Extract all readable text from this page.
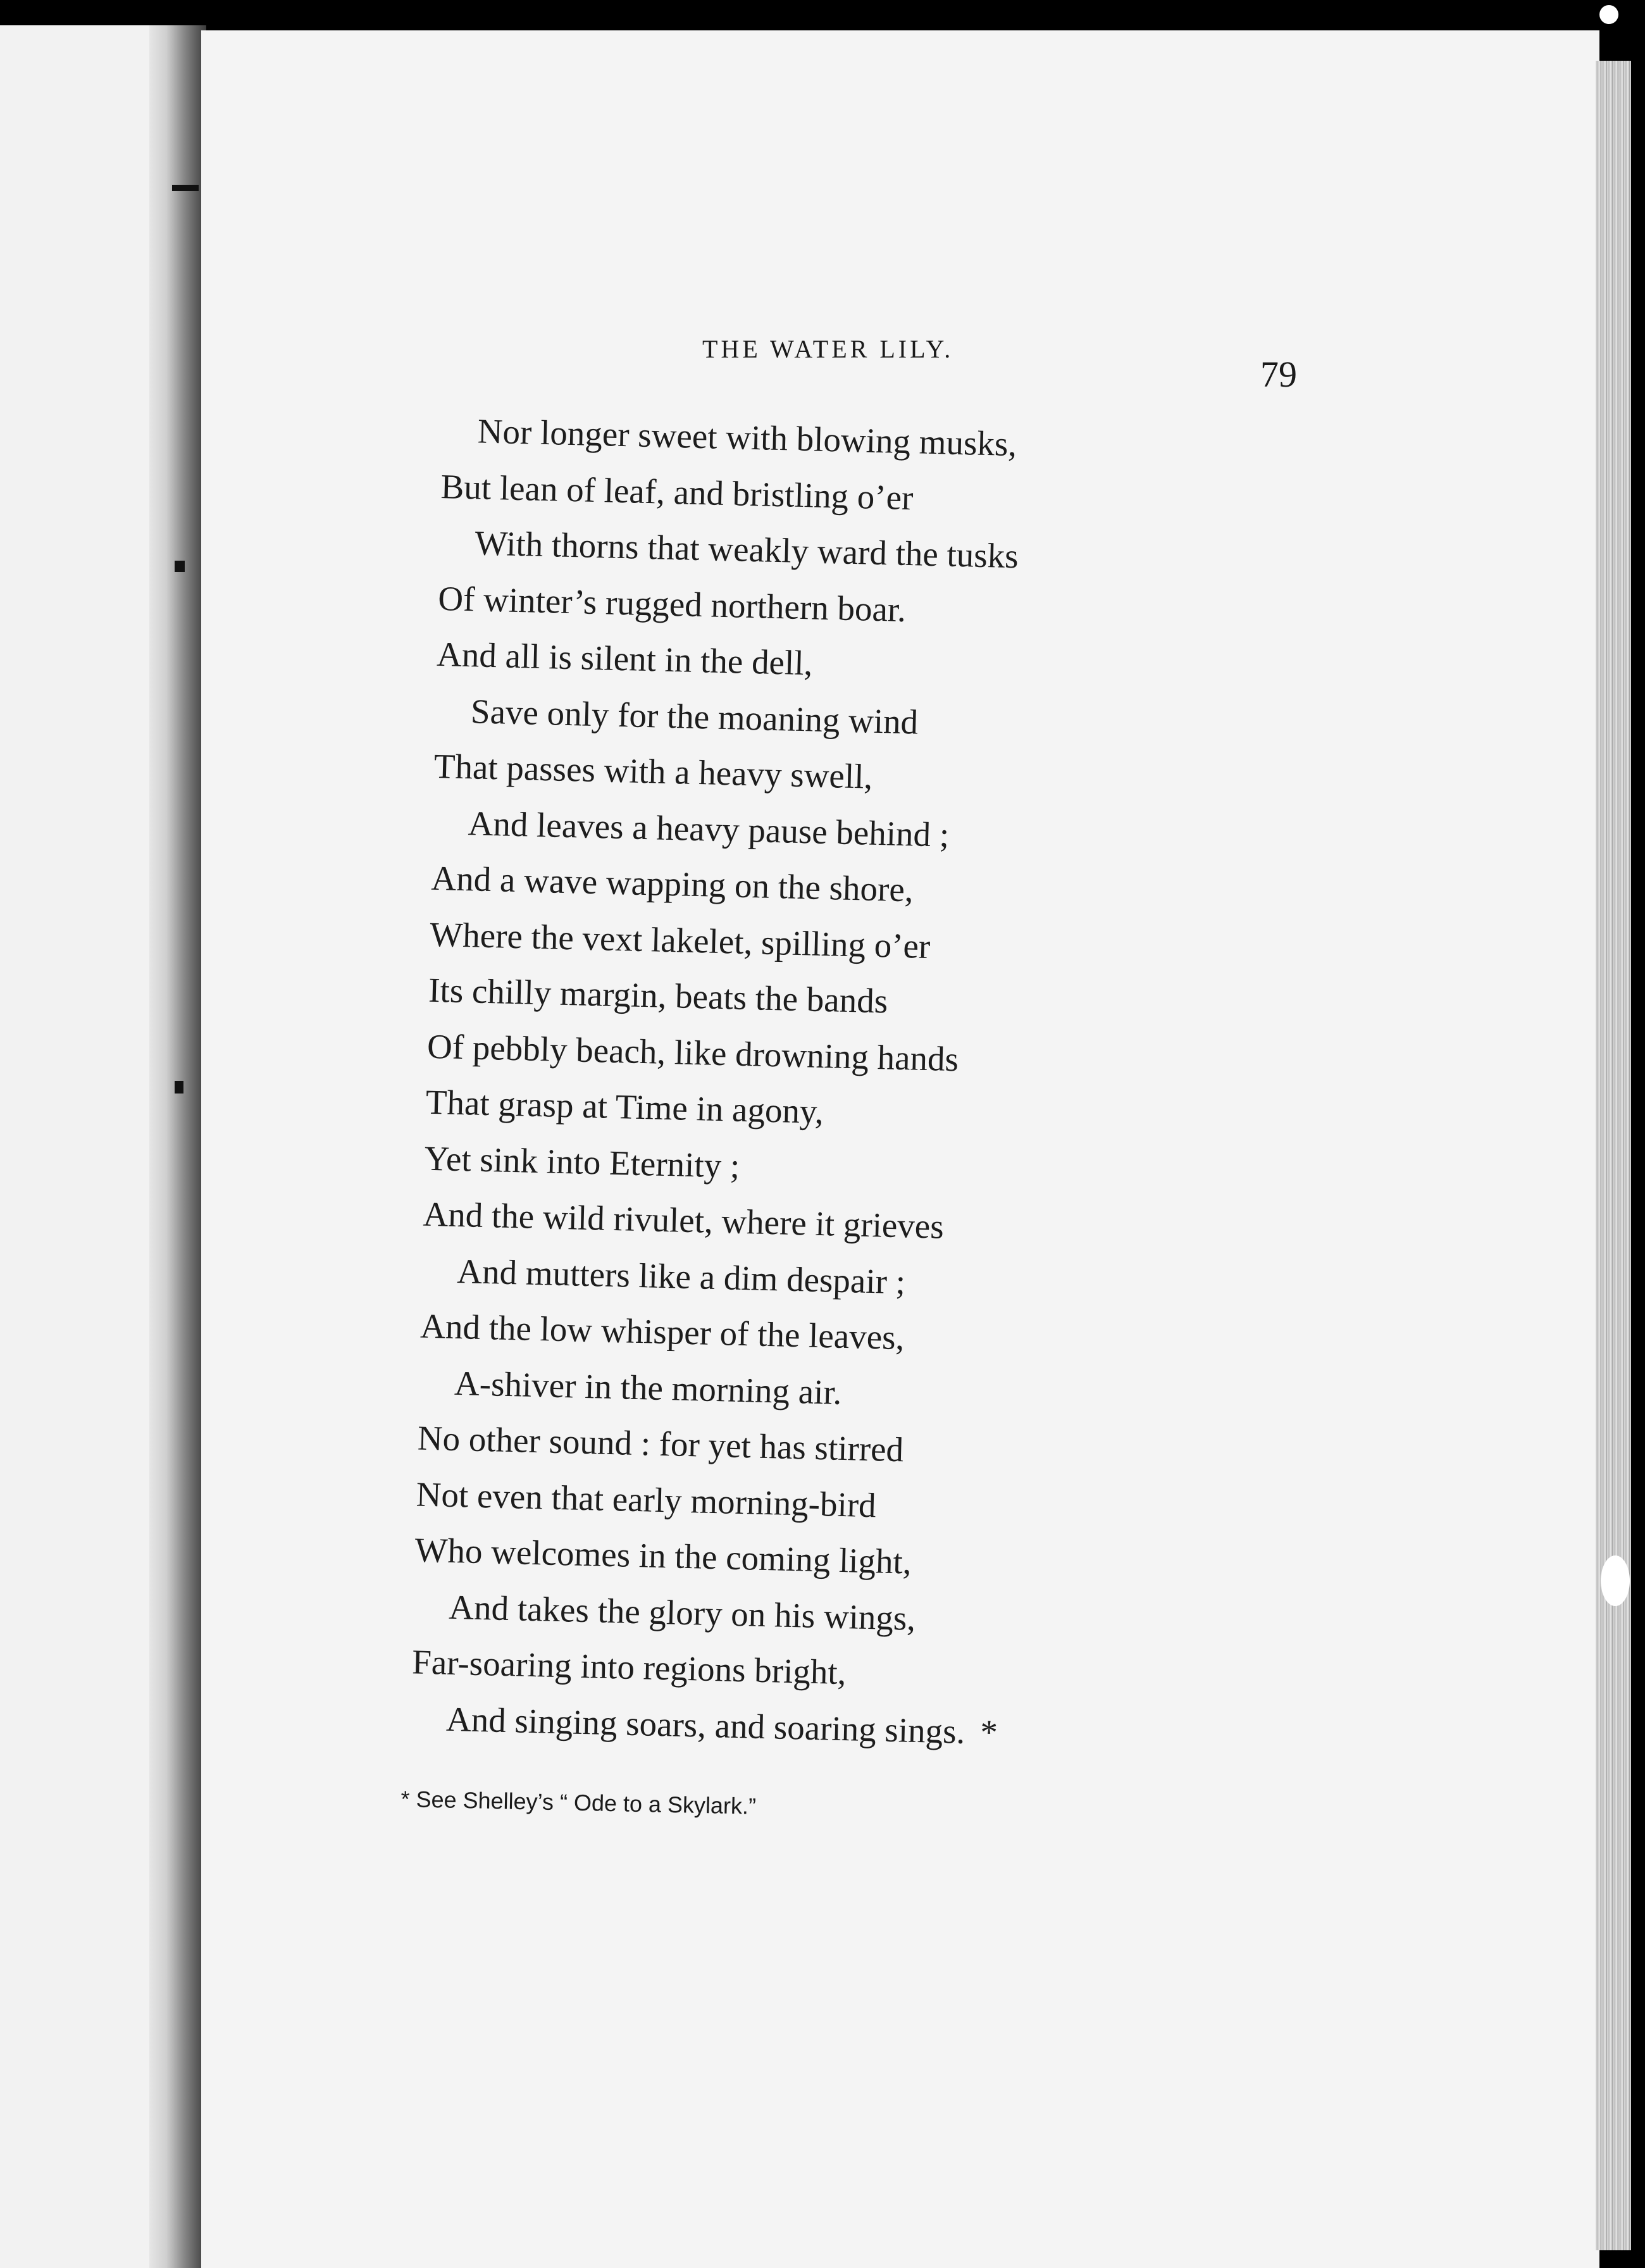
THE WATER LILY.
79
Nor longer sweet with blowing musks,
But lean of leaf, and bristling o’er
With thorns that weakly ward the tusks
Of winter’s rugged northern boar.
And all is silent in the dell,
Save only for the moaning wind
That passes with a heavy swell,
And leaves a heavy pause behind ;
And a wave wapping on the shore,
Where the vext lakelet, spilling o’er
Its chilly margin, beats the bands
Of pebbly beach, like drowning hands
That grasp at Time in agony,
Yet sink into Eternity ;
And the wild rivulet, where it grieves
And mutters like a dim despair ;
And the low whisper of the leaves,
A-shiver in the morning air.
No other sound : for yet has stirred
Not even that early morning-bird
Who welcomes in the coming light,
And takes the glory on his wings,
Far-soaring into regions bright,
And singing soars, and soaring sings. *
* See Shelley’s “ Ode to a Skylark.”
